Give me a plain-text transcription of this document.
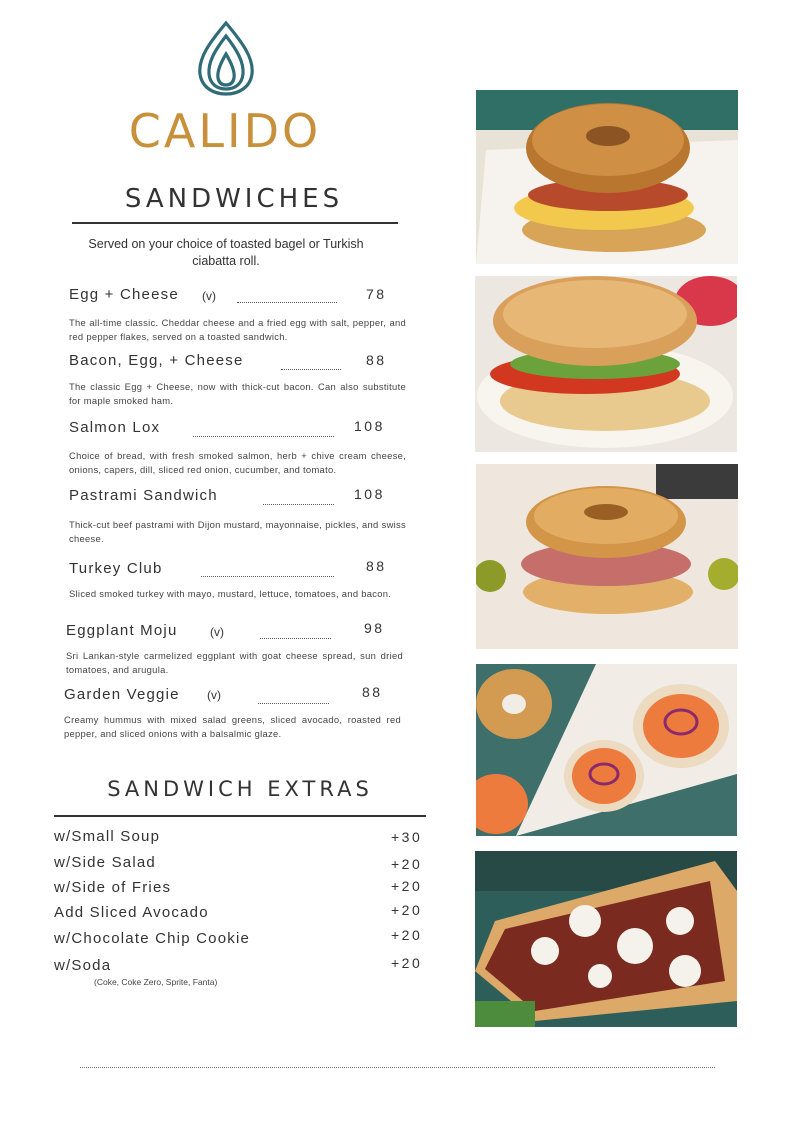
CALIDO
SANDWICHES
Served on your choice of toasted bagel or Turkish ciabatta roll.
Egg + Cheese (v)	78
The all-time classic. Cheddar cheese and a fried egg with salt, pepper, and red pepper flakes, served on a toasted sandwich.
Bacon, Egg, + Cheese	88
The classic Egg + Cheese, now with thick-cut bacon. Can also substitute for maple smoked ham.
Salmon Lox	108
Choice of bread, with fresh smoked salmon, herb + chive cream cheese, onions, capers, dill, sliced red onion, cucumber, and tomato.
Pastrami Sandwich	108
Thick-cut beef pastrami with Dijon mustard, mayonnaise, pickles, and swiss cheese.
Turkey Club	88
Sliced smoked turkey with mayo, mustard, lettuce, tomatoes, and bacon.
Eggplant Moju	(v)	98
Sri Lankan-style carmelized eggplant with goat cheese spread, sun dried tomatoes, and arugula.
Garden Veggie (v)	88
Creamy hummus with mixed salad greens, sliced avocado, roasted red pepper, and sliced onions with a balsalmic glaze.
SANDWICH EXTRAS
w/Small Soup	+30
w/Side Salad	+20
w/Side of Fries	+20
Add Sliced Avocado	+20
w/Chocolate Chip Cookie	+20
w/Soda	+20
(Coke, Coke Zero, Sprite, Fanta)
